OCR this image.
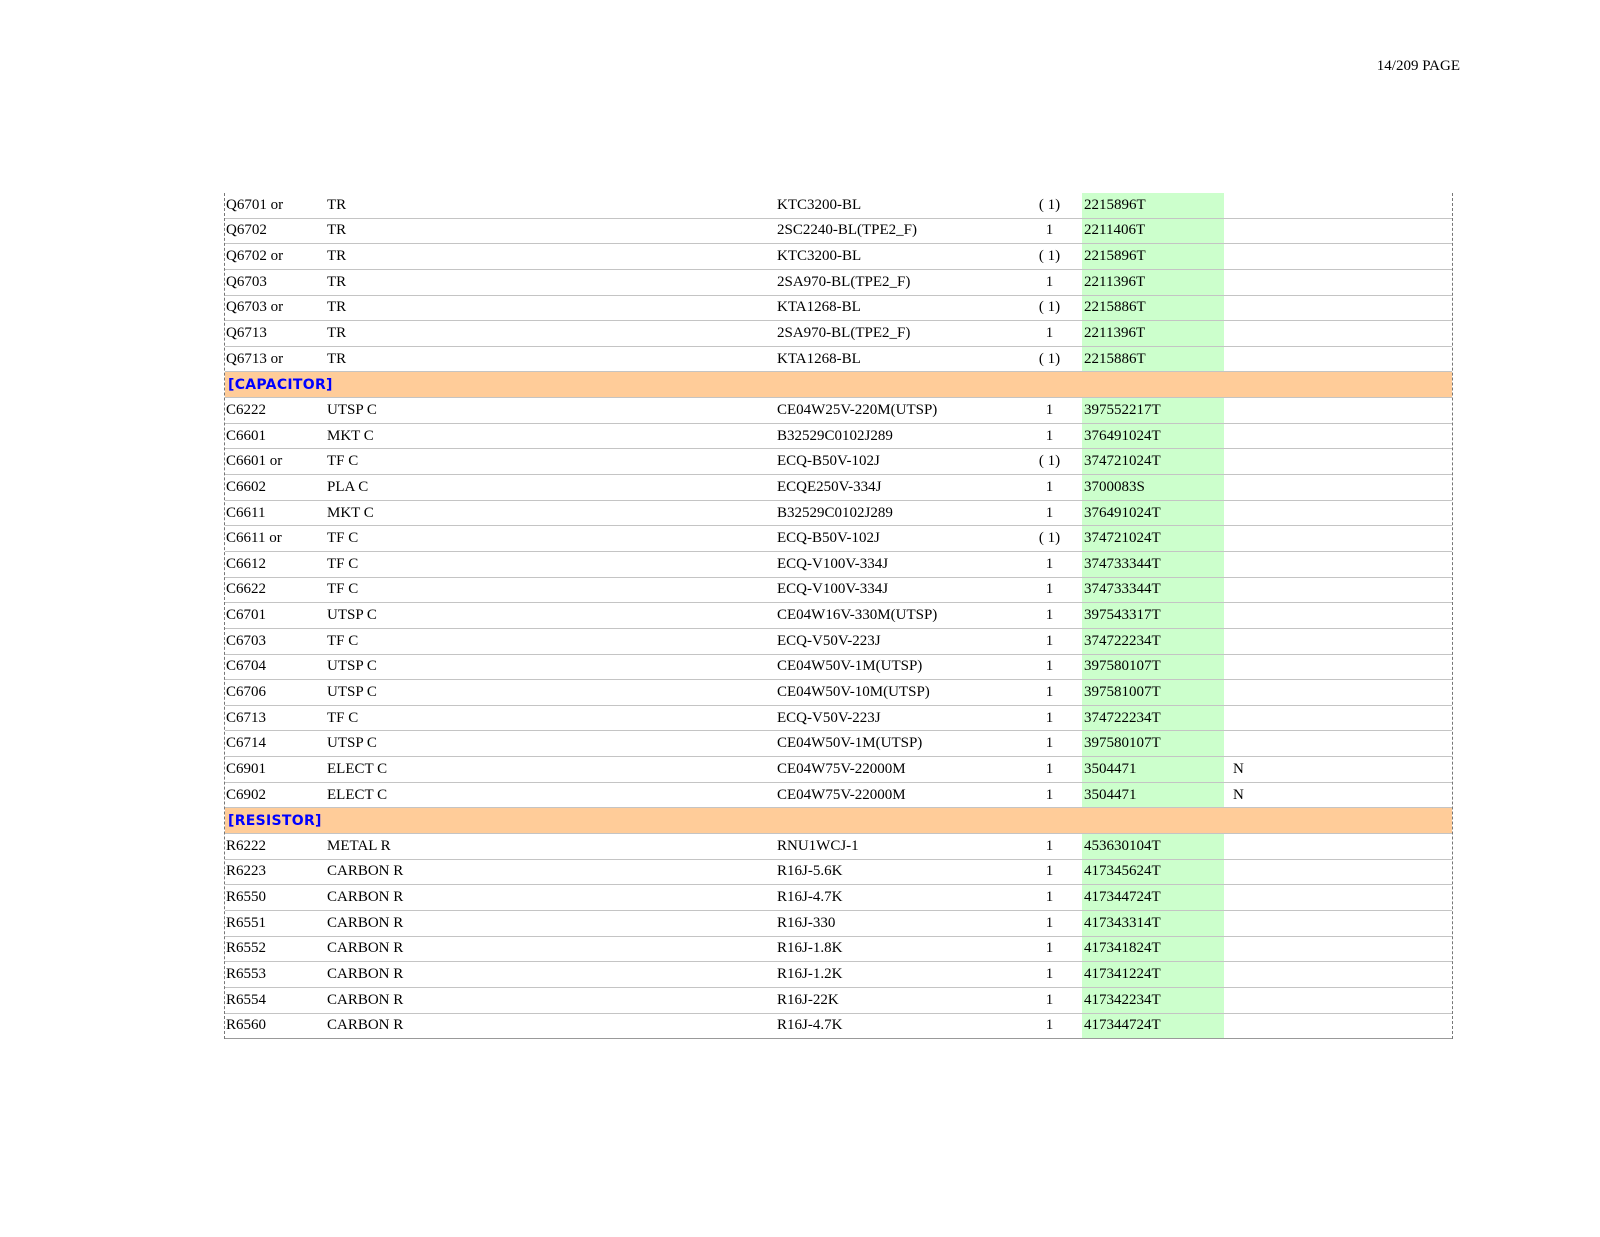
14/209 PAGE
Q6701 or	TR	KTC3200-BL	( 1)	2215896T
Q6702	TR	2SC2240-BL(TPE2_F)	1	2211406T
Q6702 or	TR	KTC3200-BL	( 1)	2215896T
Q6703	TR	2SA970-BL(TPE2_F)	1	2211396T
Q6703 or	TR	KTA1268-BL	( 1)	2215886T
Q6713	TR	2SA970-BL(TPE2_F)	1	2211396T
Q6713 or	TR	KTA1268-BL	( 1)	2215886T
[CAPACITOR]
C6222	UTSP C	CE04W25V-220M(UTSP)	1	397552217T
C6601	MKT C	B32529C0102J289	1	376491024T
C6601 or	TF C	ECQ-B50V-102J	( 1)	374721024T
C6602	PLA C	ECQE250V-334J	1	3700083S
C6611	MKT C	B32529C0102J289	1	376491024T
C6611 or	TF C	ECQ-B50V-102J	( 1)	374721024T
C6612	TF C	ECQ-V100V-334J	1	374733344T
C6622	TF C	ECQ-V100V-334J	1	374733344T
C6701	UTSP C	CE04W16V-330M(UTSP)	1	397543317T
C6703	TF C	ECQ-V50V-223J	1	374722234T
C6704	UTSP C	CE04W50V-1M(UTSP)	1	397580107T
C6706	UTSP C	CE04W50V-10M(UTSP)	1	397581007T
C6713	TF C	ECQ-V50V-223J	1	374722234T
C6714	UTSP C	CE04W50V-1M(UTSP)	1	397580107T
C6901	ELECT C	CE04W75V-22000M	1	3504471	N
C6902	ELECT C	CE04W75V-22000M	1	3504471	N
[RESISTOR]
R6222	METAL R	RNU1WCJ-1	1	453630104T
R6223	CARBON R	R16J-5.6K	1	417345624T
R6550	CARBON R	R16J-4.7K	1	417344724T
R6551	CARBON R	R16J-330	1	417343314T
R6552	CARBON R	R16J-1.8K	1	417341824T
R6553	CARBON R	R16J-1.2K	1	417341224T
R6554	CARBON R	R16J-22K	1	417342234T
R6560	CARBON R	R16J-4.7K	1	417344724T
